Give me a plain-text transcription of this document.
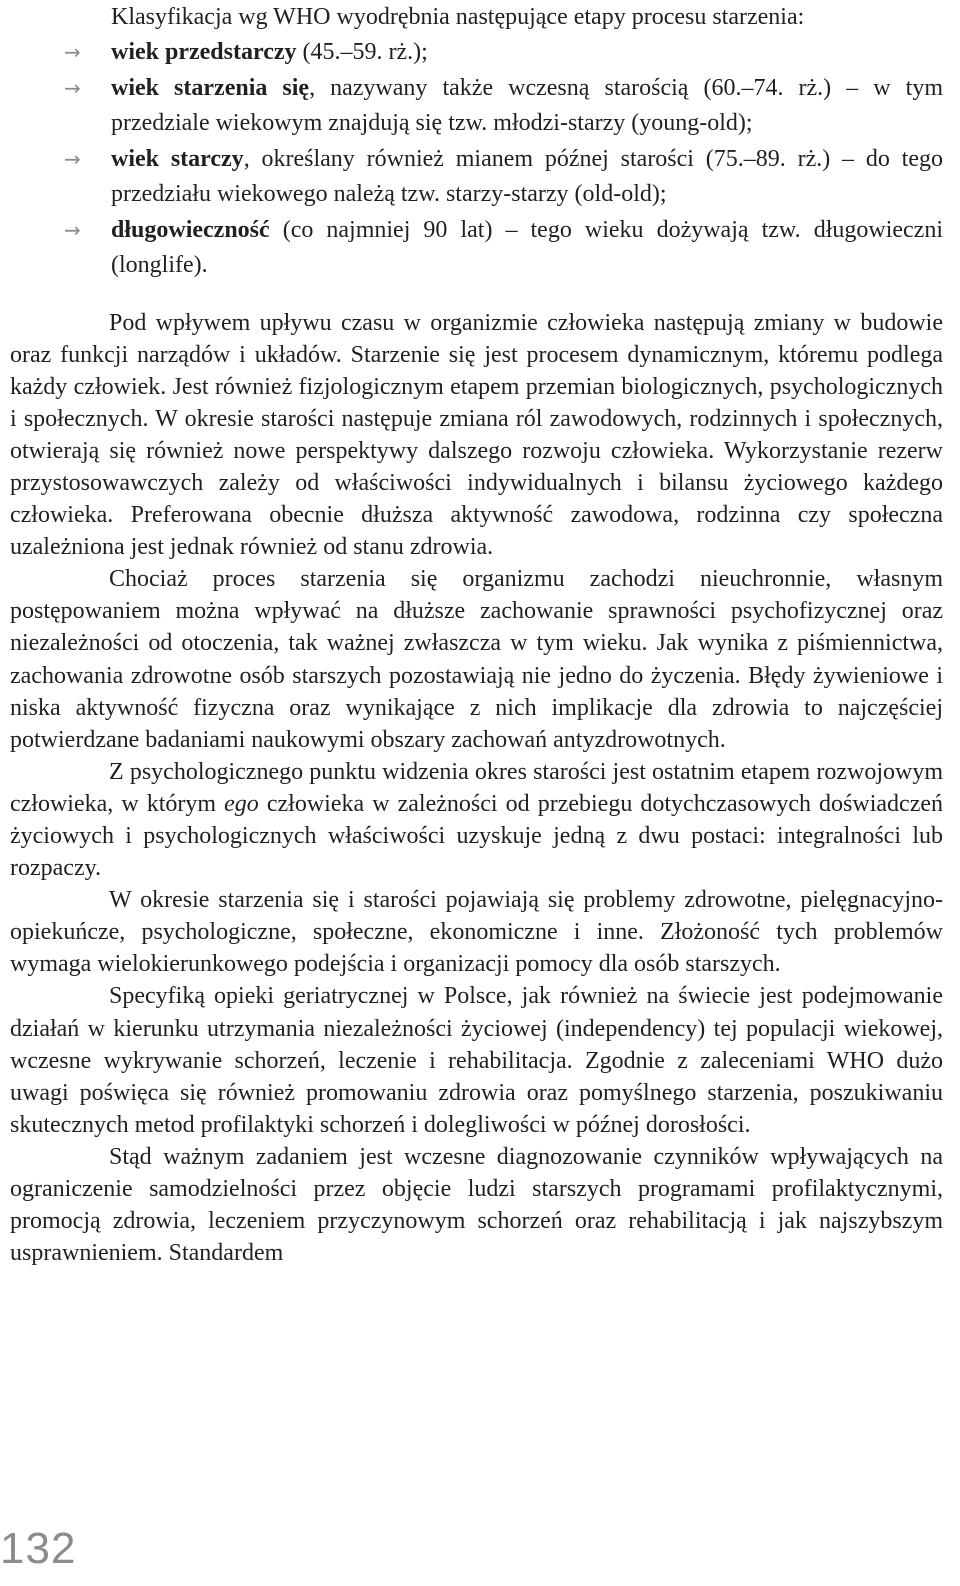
Klasyfikacja wg WHO wyodrębnia następujące etapy procesu starzenia:

→ wiek przedstarczy (45.–59. rż.);
→ wiek starzenia się, nazywany także wczesną starością (60.–74. rż.) – w tym przedziale wiekowym znajdują się tzw. młodzi-starzy (young-old);
→ wiek starczy, określany również mianem późnej starości (75.–89. rż.) – do tego przedziału wiekowego należą tzw. starzy-starzy (old-old);
→ długowieczność (co najmniej 90 lat) – tego wieku dożywają tzw. długowieczni (longlife).

Pod wpływem upływu czasu w organizmie człowieka następują zmiany w budowie oraz funkcji narządów i układów. Starzenie się jest procesem dynamicznym, któremu podlega każdy człowiek. Jest również fizjologicznym etapem przemian biologicznych, psychologicznych i społecznych. W okresie starości następuje zmiana ról zawodowych, rodzinnych i społecznych, otwierają się również nowe perspektywy dalszego rozwoju człowieka. Wykorzystanie rezerw przystosowawczych zależy od właściwości indywidualnych i bilansu życiowego każdego człowieka. Preferowana obecnie dłuższa aktywność zawodowa, rodzinna czy społeczna uzależniona jest jednak również od stanu zdrowia.

Chociaż proces starzenia się organizmu zachodzi nieuchronnie, własnym postępowaniem można wpływać na dłuższe zachowanie sprawności psychofizycznej oraz niezależności od otoczenia, tak ważnej zwłaszcza w tym wieku. Jak wynika z piśmiennictwa, zachowania zdrowotne osób starszych pozostawiają nie jedno do życzenia. Błędy żywieniowe i niska aktywność fizyczna oraz wynikające z nich implikacje dla zdrowia to najczęściej potwierdzane badaniami naukowymi obszary zachowań antyzdrowotnych.

Z psychologicznego punktu widzenia okres starości jest ostatnim etapem rozwojowym człowieka, w którym ego człowieka w zależności od przebiegu dotychczasowych doświadczeń życiowych i psychologicznych właściwości uzyskuje jedną z dwu postaci: integralności lub rozpaczy.

W okresie starzenia się i starości pojawiają się problemy zdrowotne, pielęgnacyjno-opiekuńcze, psychologiczne, społeczne, ekonomiczne i inne. Złożoność tych problemów wymaga wielokierunkowego podejścia i organizacji pomocy dla osób starszych.

Specyfiką opieki geriatrycznej w Polsce, jak również na świecie jest podejmowanie działań w kierunku utrzymania niezależności życiowej (independency) tej populacji wiekowej, wczesne wykrywanie schorzeń, leczenie i rehabilitacja. Zgodnie z zaleceniami WHO dużo uwagi poświęca się również promowaniu zdrowia oraz pomyślnego starzenia, poszukiwaniu skutecznych metod profilaktyki schorzeń i dolegliwości w późnej dorosłości.

Stąd ważnym zadaniem jest wczesne diagnozowanie czynników wpływających na ograniczenie samodzielności przez objęcie ludzi starszych programami profilaktycznymi, promocją zdrowia, leczeniem przyczynowym schorzeń oraz rehabilitacją i jak najszybszym usprawnieniem. Standardem

132
